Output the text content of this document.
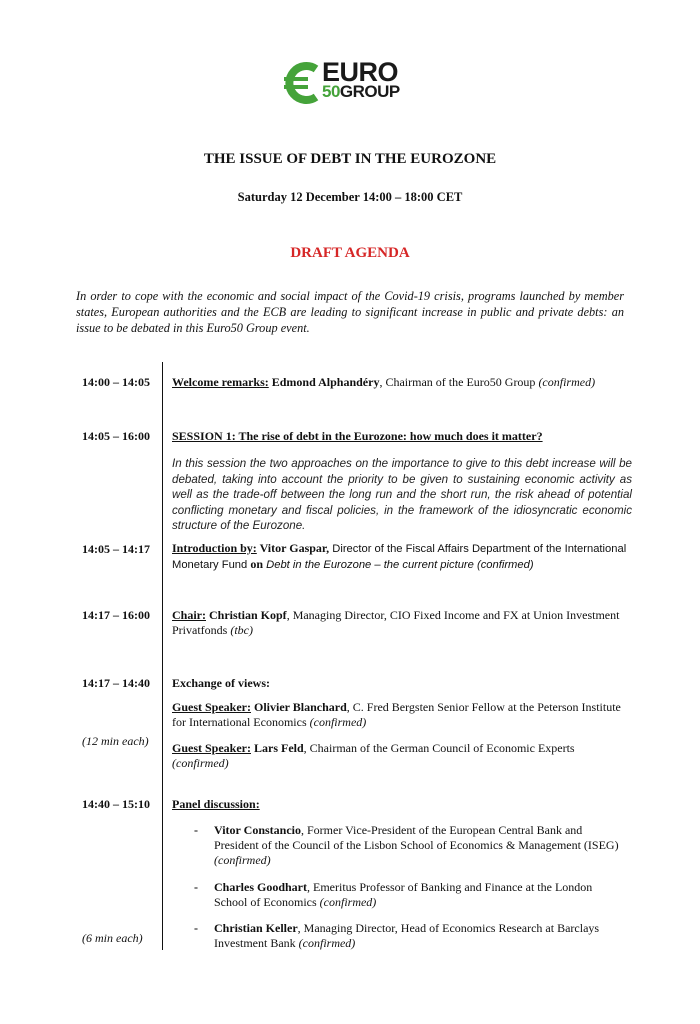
EURO
50GROUP
THE ISSUE OF DEBT IN THE EUROZONE
Saturday 12 December 14:00 – 18:00 CET
DRAFT AGENDA
In order to cope with the economic and social impact of the Covid-19 crisis, programs launched by member states, European authorities and the ECB are leading to significant increase in public and private debts: an issue to be debated in this Euro50 Group event.
14:00 – 14:05 Welcome remarks: Edmond Alphandéry, Chairman of the Euro50 Group (confirmed)
14:05 – 16:00 SESSION 1: The rise of debt in the Eurozone: how much does it matter?
In this session the two approaches on the importance to give to this debt increase will be debated, taking into account the priority to be given to sustaining economic activity as well as the trade-off between the long run and the short run, the risk ahead of potential conflicting monetary and fiscal policies, in the framework of the idiosyncratic economic structure of the Eurozone.
14:05 – 14:17 Introduction by: Vitor Gaspar, Director of the Fiscal Affairs Department of the International Monetary Fund on Debt in the Eurozone – the current picture (confirmed)
14:17 – 16:00 Chair: Christian Kopf, Managing Director, CIO Fixed Income and FX at Union Investment Privatfonds (tbc)
14:17 – 14:40 Exchange of views:
Guest Speaker: Olivier Blanchard, C. Fred Bergsten Senior Fellow at the Peterson Institute for International Economics (confirmed)
(12 min each) Guest Speaker: Lars Feld, Chairman of the German Council of Economic Experts (confirmed)
14:40 – 15:10 Panel discussion:
- Vitor Constancio, Former Vice-President of the European Central Bank and President of the Council of the Lisbon School of Economics & Management (ISEG) (confirmed)
- Charles Goodhart, Emeritus Professor of Banking and Finance at the London School of Economics (confirmed)
- Christian Keller, Managing Director, Head of Economics Research at Barclays Investment Bank (confirmed)
(6 min each)
